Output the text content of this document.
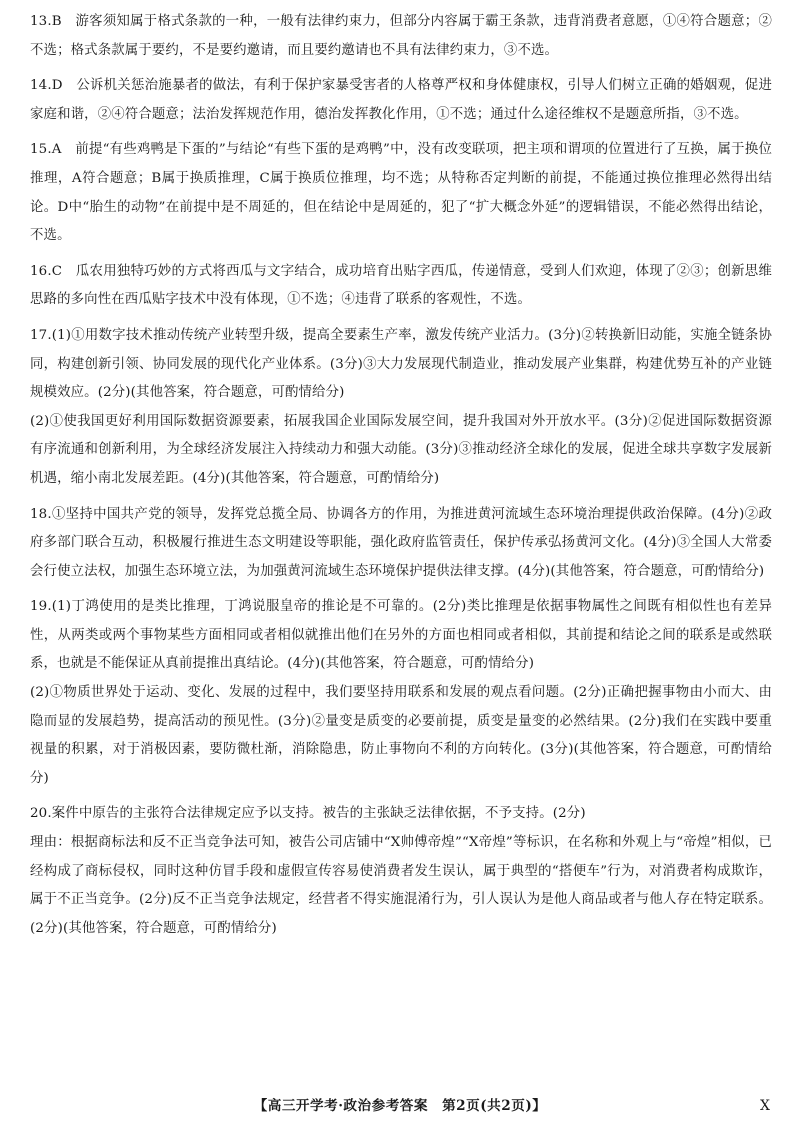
13.B　游客须知属于格式条款的一种，一般有法律约束力，但部分内容属于霸王条款，违背消费者意愿，①④符合题意；②不选；格式条款属于要约，不是要约邀请，而且要约邀请也不具有法律约束力，③不选。

14.D　公诉机关惩治施暴者的做法，有利于保护家暴受害者的人格尊严权和身体健康权，引导人们树立正确的婚姻观，促进家庭和谐，②④符合题意；法治发挥规范作用，德治发挥教化作用，①不选；通过什么途径维权不是题意所指，③不选。

15.A　前提“有些鸡鸭是下蛋的”与结论“有些下蛋的是鸡鸭”中，没有改变联项，把主项和谓项的位置进行了互换，属于换位推理，A符合题意；B属于换质推理，C属于换质位推理，均不选；从特称否定判断的前提，不能通过换位推理必然得出结论。D中“胎生的动物”在前提中是不周延的，但在结论中是周延的，犯了“扩大概念外延”的逻辑错误，不能必然得出结论，不选。

16.C　瓜农用独特巧妙的方式将西瓜与文字结合，成功培育出贴字西瓜，传递情意，受到人们欢迎，体现了②③；创新思维思路的多向性在西瓜贴字技术中没有体现，①不选；④违背了联系的客观性，不选。

17.(1)①用数字技术推动传统产业转型升级，提高全要素生产率，激发传统产业活力。(3分)②转换新旧动能，实施全链条协同，构建创新引领、协同发展的现代化产业体系。(3分)③大力发展现代制造业，推动发展产业集群，构建优势互补的产业链规模效应。(2分)(其他答案，符合题意，可酌情给分)

(2)①使我国更好利用国际数据资源要素，拓展我国企业国际发展空间，提升我国对外开放水平。(3分)②促进国际数据资源有序流通和创新利用，为全球经济发展注入持续动力和强大动能。(3分)③推动经济全球化的发展，促进全球共享数字发展新机遇，缩小南北发展差距。(4分)(其他答案，符合题意，可酌情给分)

18.①坚持中国共产党的领导，发挥党总揽全局、协调各方的作用，为推进黄河流域生态环境治理提供政治保障。(4分)②政府多部门联合互动，积极履行推进生态文明建设等职能，强化政府监管责任，保护传承弘扬黄河文化。(4分)③全国人大常委会行使立法权，加强生态环境立法，为加强黄河流域生态环境保护提供法律支撑。(4分)(其他答案，符合题意，可酌情给分)

19.(1)丁鸿使用的是类比推理，丁鸿说服皇帝的推论是不可靠的。(2分)类比推理是依据事物属性之间既有相似性也有差异性，从两类或两个事物某些方面相同或者相似就推出他们在另外的方面也相同或者相似，其前提和结论之间的联系是或然联系，也就是不能保证从真前提推出真结论。(4分)(其他答案，符合题意，可酌情给分)

(2)①物质世界处于运动、变化、发展的过程中，我们要坚持用联系和发展的观点看问题。(2分)正确把握事物由小而大、由隐而显的发展趋势，提高活动的预见性。(3分)②量变是质变的必要前提，质变是量变的必然结果。(2分)我们在实践中要重视量的积累，对于消极因素，要防微杜渐，消除隐患，防止事物向不利的方向转化。(3分)(其他答案，符合题意，可酌情给分)

20.案件中原告的主张符合法律规定应予以支持。被告的主张缺乏法律依据，不予支持。(2分)

理由：根据商标法和反不正当竞争法可知，被告公司店铺中“X帅傅帝煌”“X帝煌”等标识，在名称和外观上与“帝煌”相似，已经构成了商标侵权，同时这种仿冒手段和虚假宣传容易使消费者发生误认，属于典型的“搭便车”行为，对消费者构成欺诈，属于不正当竞争。(2分)反不正当竞争法规定，经营者不得实施混淆行为，引人误认为是他人商品或者与他人存在特定联系。(2分)(其他答案，符合题意，可酌情给分)

【高三开学考·政治参考答案　第2页(共2页)】	X
